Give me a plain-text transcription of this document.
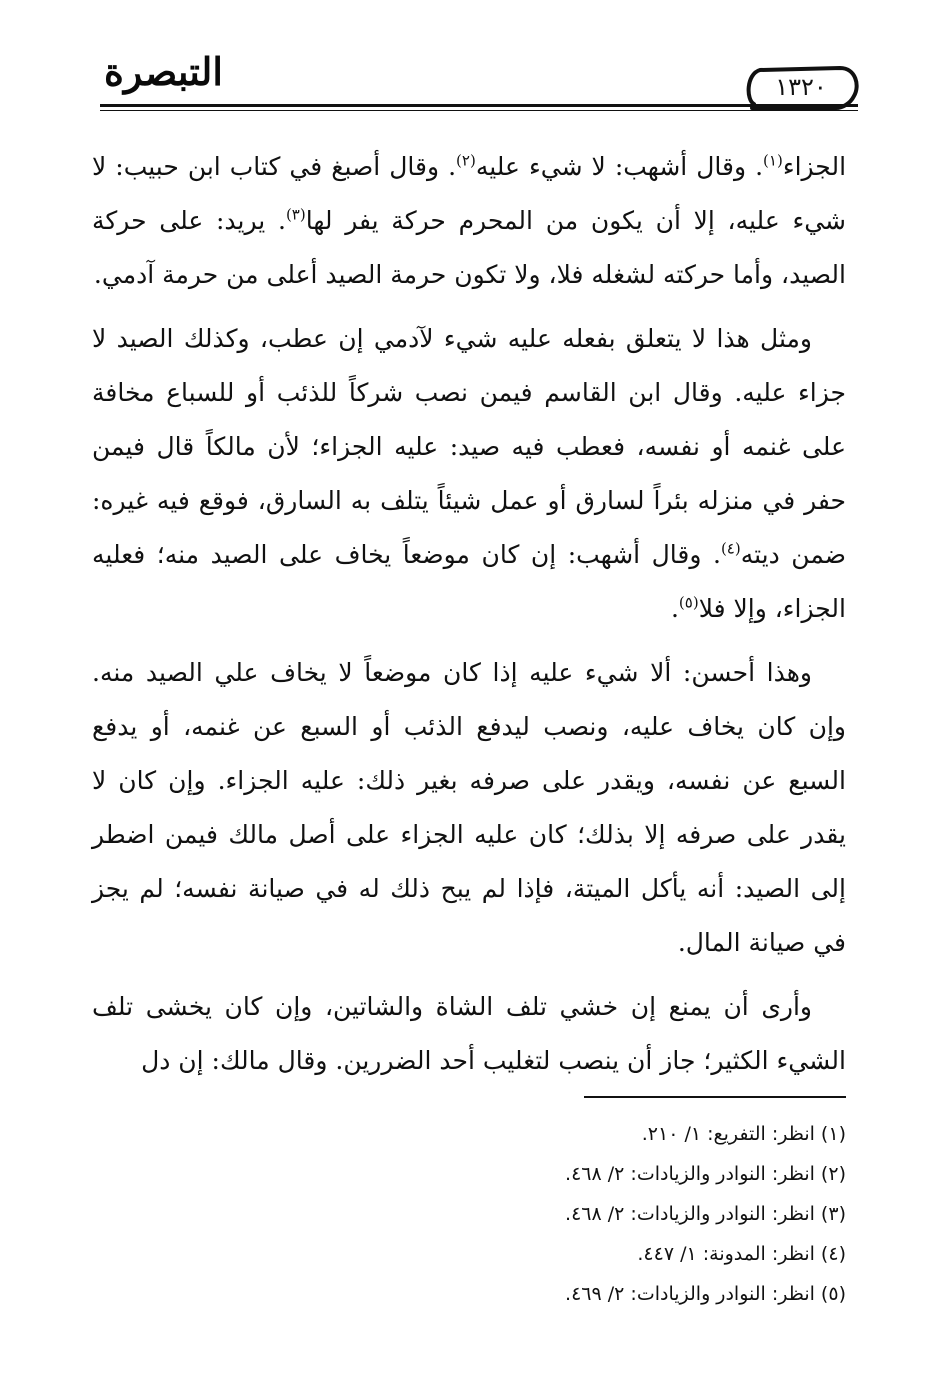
التبصرة	١٣٢٠

الجزاء$^{(١)}$. وقال أشهب: لا شيء عليه$^{(٢)}$. وقال أصبغ في كتاب ابن حبيب: لا شيء عليه، إلا أن يكون من المحرم حركة يفر لها$^{(٣)}$. يريد: على حركة الصيد، وأما حركته لشغله فلا، ولا تكون حرمة الصيد أعلى من حرمة آدمي.

ومثل هذا لا يتعلق بفعله عليه شيء لآدمي إن عطب، وكذلك الصيد لا جزاء عليه. وقال ابن القاسم فيمن نصب شركاً للذئب أو للسباع مخافة على غنمه أو نفسه، فعطب فيه صيد: عليه الجزاء؛ لأن مالكاً قال فيمن حفر في منزله بئراً لسارق أو عمل شيئاً يتلف به السارق، فوقع فيه غيره: ضمن ديته$^{(٤)}$. وقال أشهب: إن كان موضعاً يخاف على الصيد منه؛ فعليه الجزاء، وإلا فلا$^{(٥)}$.

وهذا أحسن: ألا شيء عليه إذا كان موضعاً لا يخاف علي الصيد منه. وإن كان يخاف عليه، ونصب ليدفع الذئب أو السبع عن غنمه، أو يدفع السبع عن نفسه، ويقدر على صرفه بغير ذلك: عليه الجزاء. وإن كان لا يقدر على صرفه إلا بذلك؛ كان عليه الجزاء على أصل مالك فيمن اضطر إلى الصيد: أنه يأكل الميتة، فإذا لم يبح ذلك له في صيانة نفسه؛ لم يجز في صيانة المال.

وأرى أن يمنع إن خشي تلف الشاة والشاتين، وإن كان يخشى تلف الشيء الكثير؛ جاز أن ينصب لتغليب أحد الضررين. وقال مالك: إن دل

(١) انظر: التفريع: ١/ ٢١٠.
(٢) انظر: النوادر والزيادات: ٢/ ٤٦٨.
(٣) انظر: النوادر والزيادات: ٢/ ٤٦٨.
(٤) انظر: المدونة: ١/ ٤٤٧.
(٥) انظر: النوادر والزيادات: ٢/ ٤٦٩.
